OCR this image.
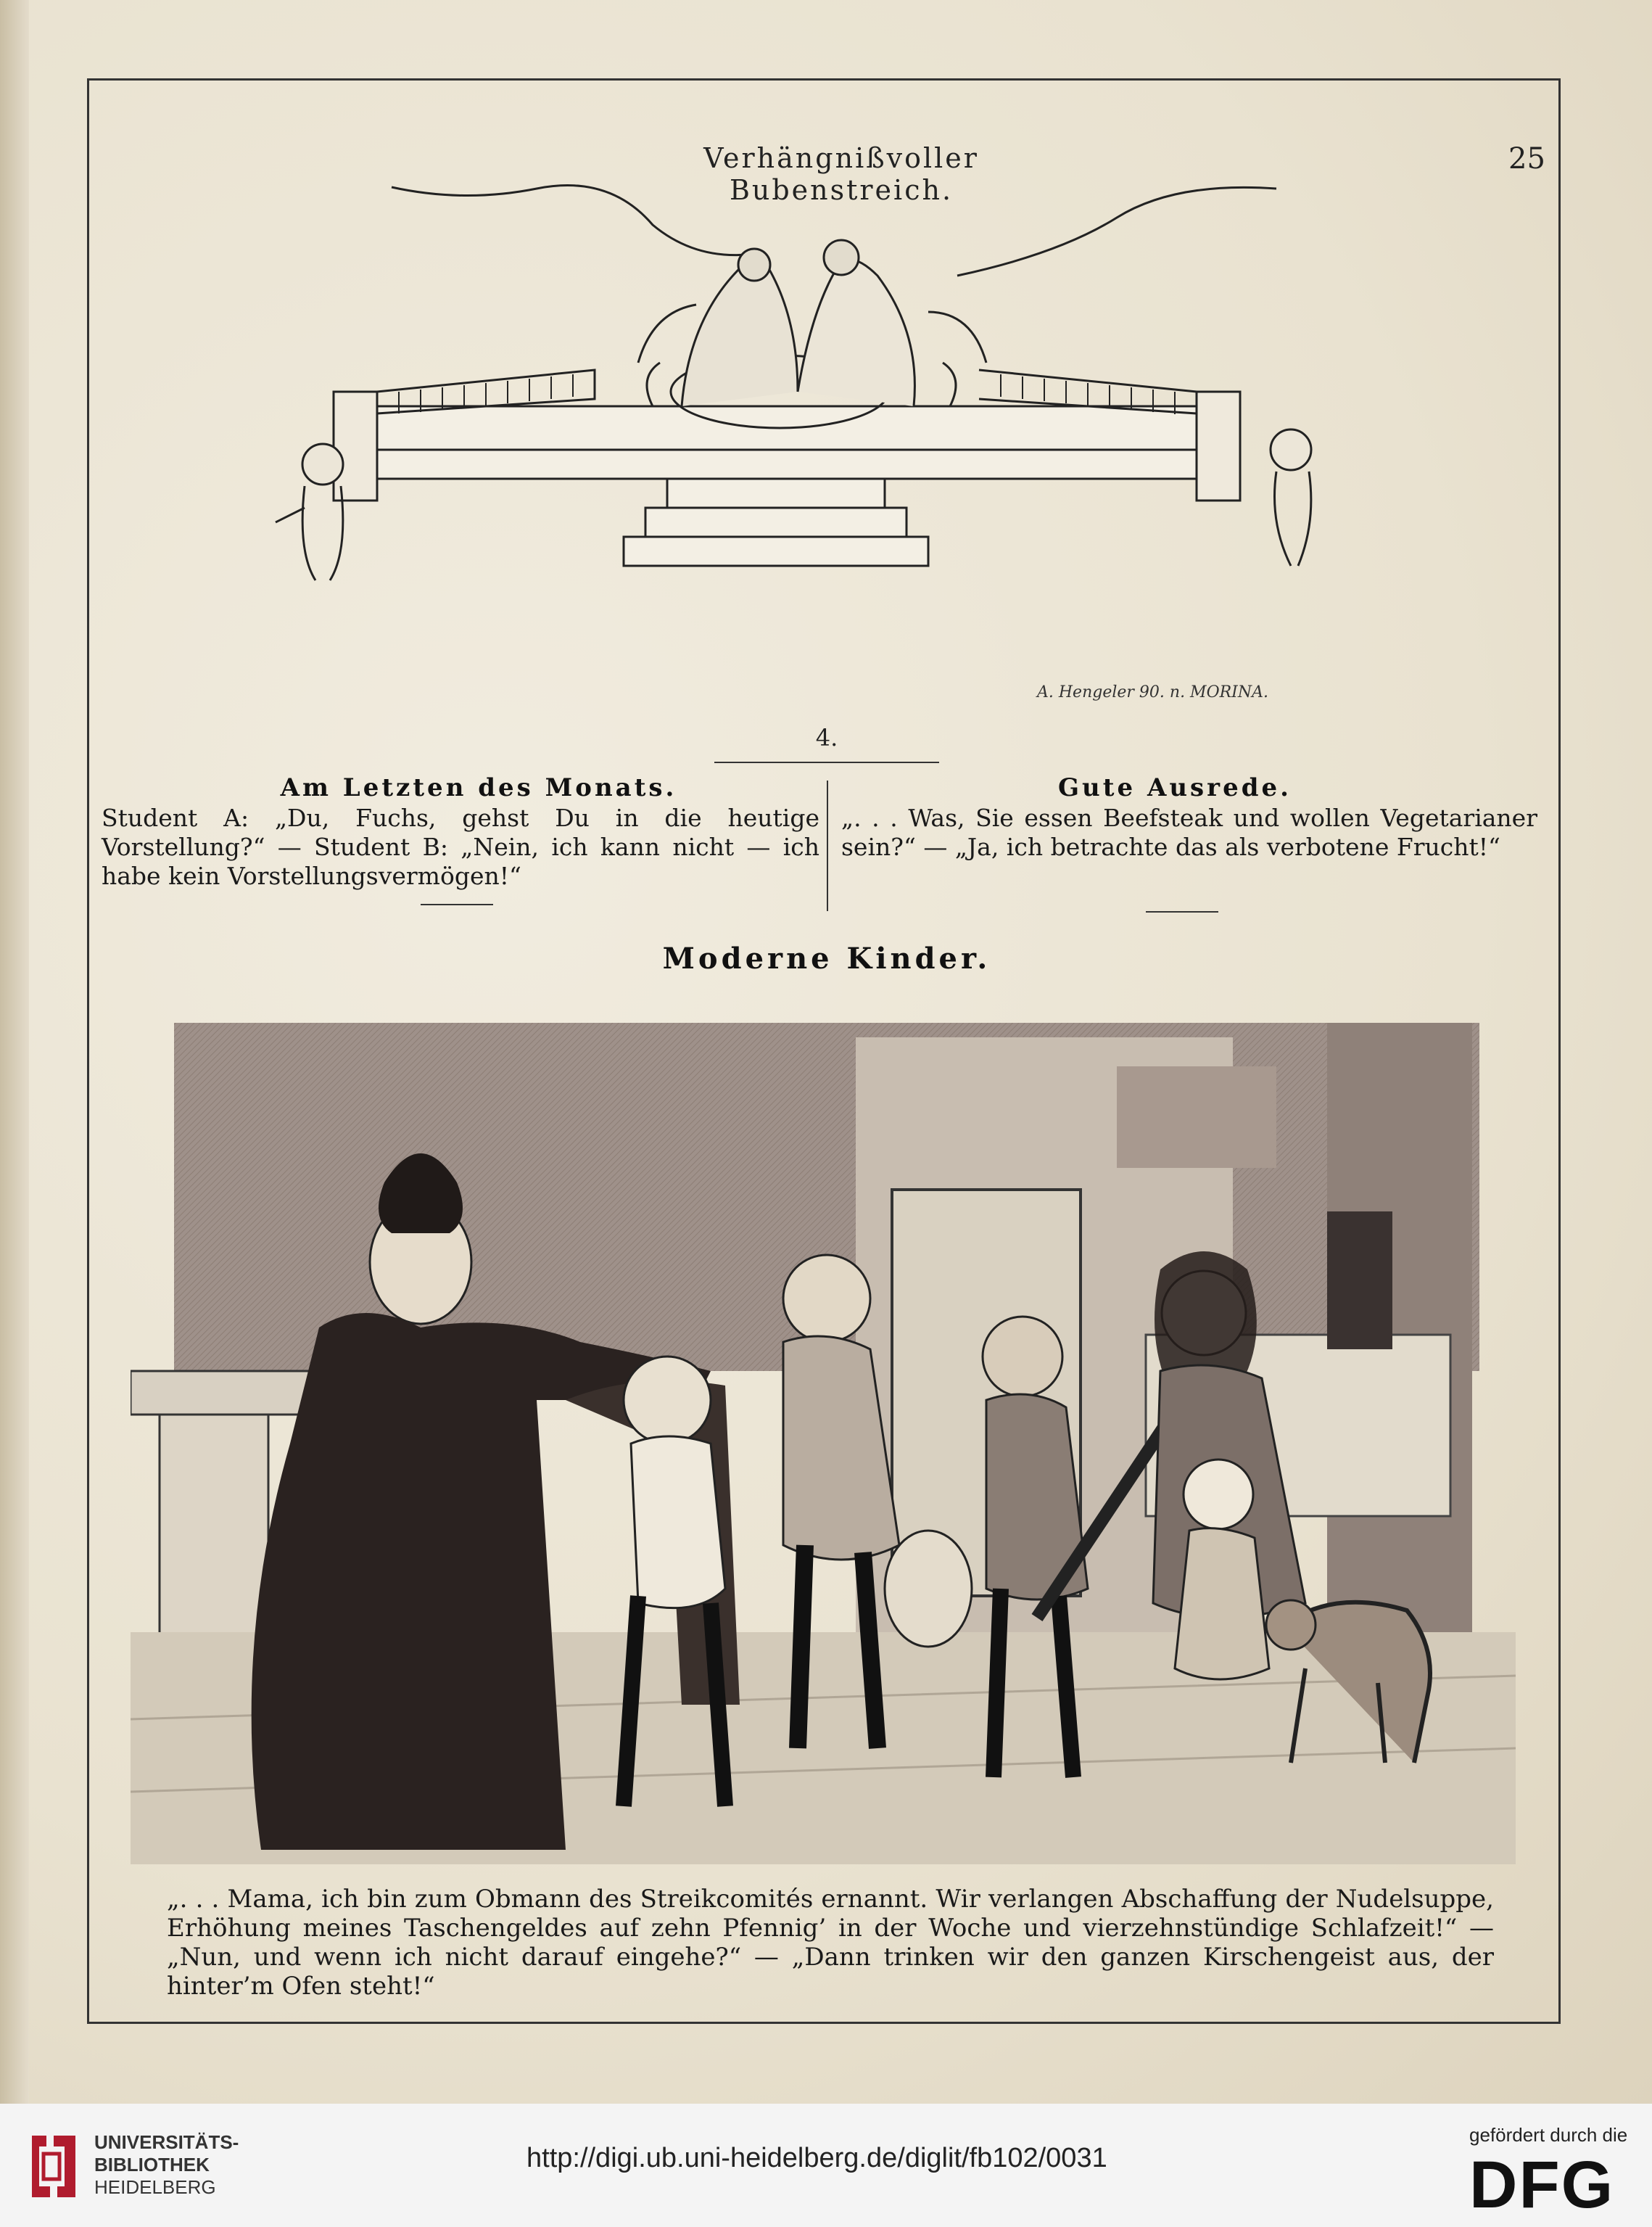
Verhängnißvoller Bubenstreich.
25
A. Hengeler 90. n. MORINA.
4.
Am Letzten des Monats.
Student A: „Du, Fuchs, gehst Du in die heutige Vorstellung?“ — Student B: „Nein, ich kann nicht — ich habe kein Vorstellungsvermögen!“
Gute Ausrede.
„. . . Was, Sie essen Beefsteak und wollen Vegetarianer sein?“ — „Ja, ich betrachte das als verbotene Frucht!“
Moderne Kinder.
„. . . Mama, ich bin zum Obmann des Streikcomités ernannt. Wir verlangen Abschaffung der Nudelsuppe, Erhöhung meines Taschengeldes auf zehn Pfennig’ in der Woche und vierzehnstündige Schlafzeit!“ — „Nun, und wenn ich nicht darauf eingehe?“ — „Dann trinken wir den ganzen Kirschengeist aus, der hinter’m Ofen steht!“
UNIVERSITÄTS-
BIBLIOTHEK
HEIDELBERG
http://digi.ub.uni-heidelberg.de/diglit/fb102/0031
gefördert durch die
DFG
